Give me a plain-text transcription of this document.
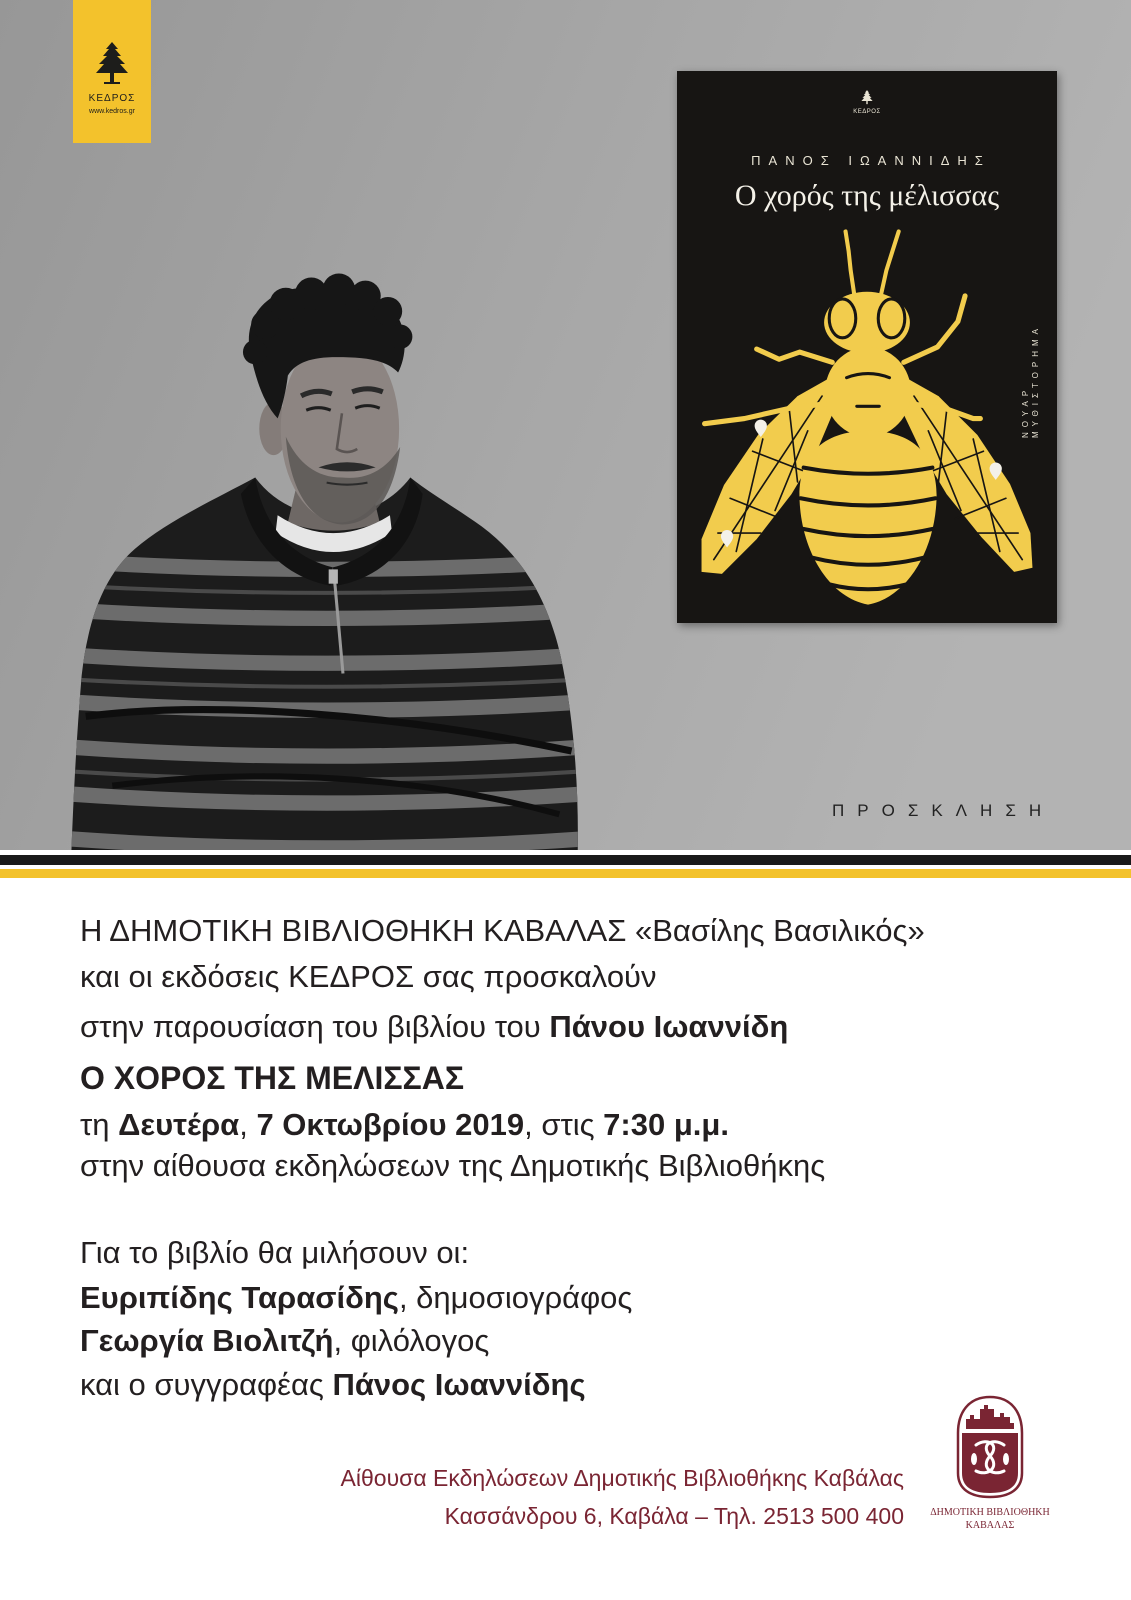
ΚΕΔΡΟΣ
www.kedros.gr	ΚΕΔΡΟΣ
ΠΑΝΟΣ ΙΩΑΝΝΙΔΗΣ
Ο χορός της μέλισσας
ΝΟΥΑΡ ΜΥΘΙΣΤΟΡΗΜΑ
ΠΡΟΣΚΛΗΣΗ
Η ΔΗΜΟΤΙΚΗ ΒΙΒΛΙΟΘΗΚΗ ΚΑΒΑΛΑΣ «Βασίλης Βασιλικός»
και οι εκδόσεις ΚΕΔΡΟΣ σας προσκαλούν
στην παρουσίαση του βιβλίου του Πάνου Ιωαννίδη
Ο ΧΟΡΟΣ ΤΗΣ ΜΕΛΙΣΣΑΣ
τη Δευτέρα, 7 Οκτωβρίου 2019, στις 7:30 μ.μ.
στην αίθουσα εκδηλώσεων της Δημοτικής Βιβλιοθήκης
Για το βιβλίο θα μιλήσουν οι:
Ευριπίδης Ταρασίδης, δημοσιογράφος
Γεωργία Βιολιτζή, φιλόλογος
και ο συγγραφέας Πάνος Ιωαννίδης
Αίθουσα Εκδηλώσεων Δημοτικής Βιβλιοθήκης Καβάλας
Κασσάνδρου 6, Καβάλα – Τηλ. 2513 500 400	ΔΗΜΟΤΙΚΗ ΒΙΒΛΙΟΘΗΚΗ
ΚΑΒΑΛΑΣ
